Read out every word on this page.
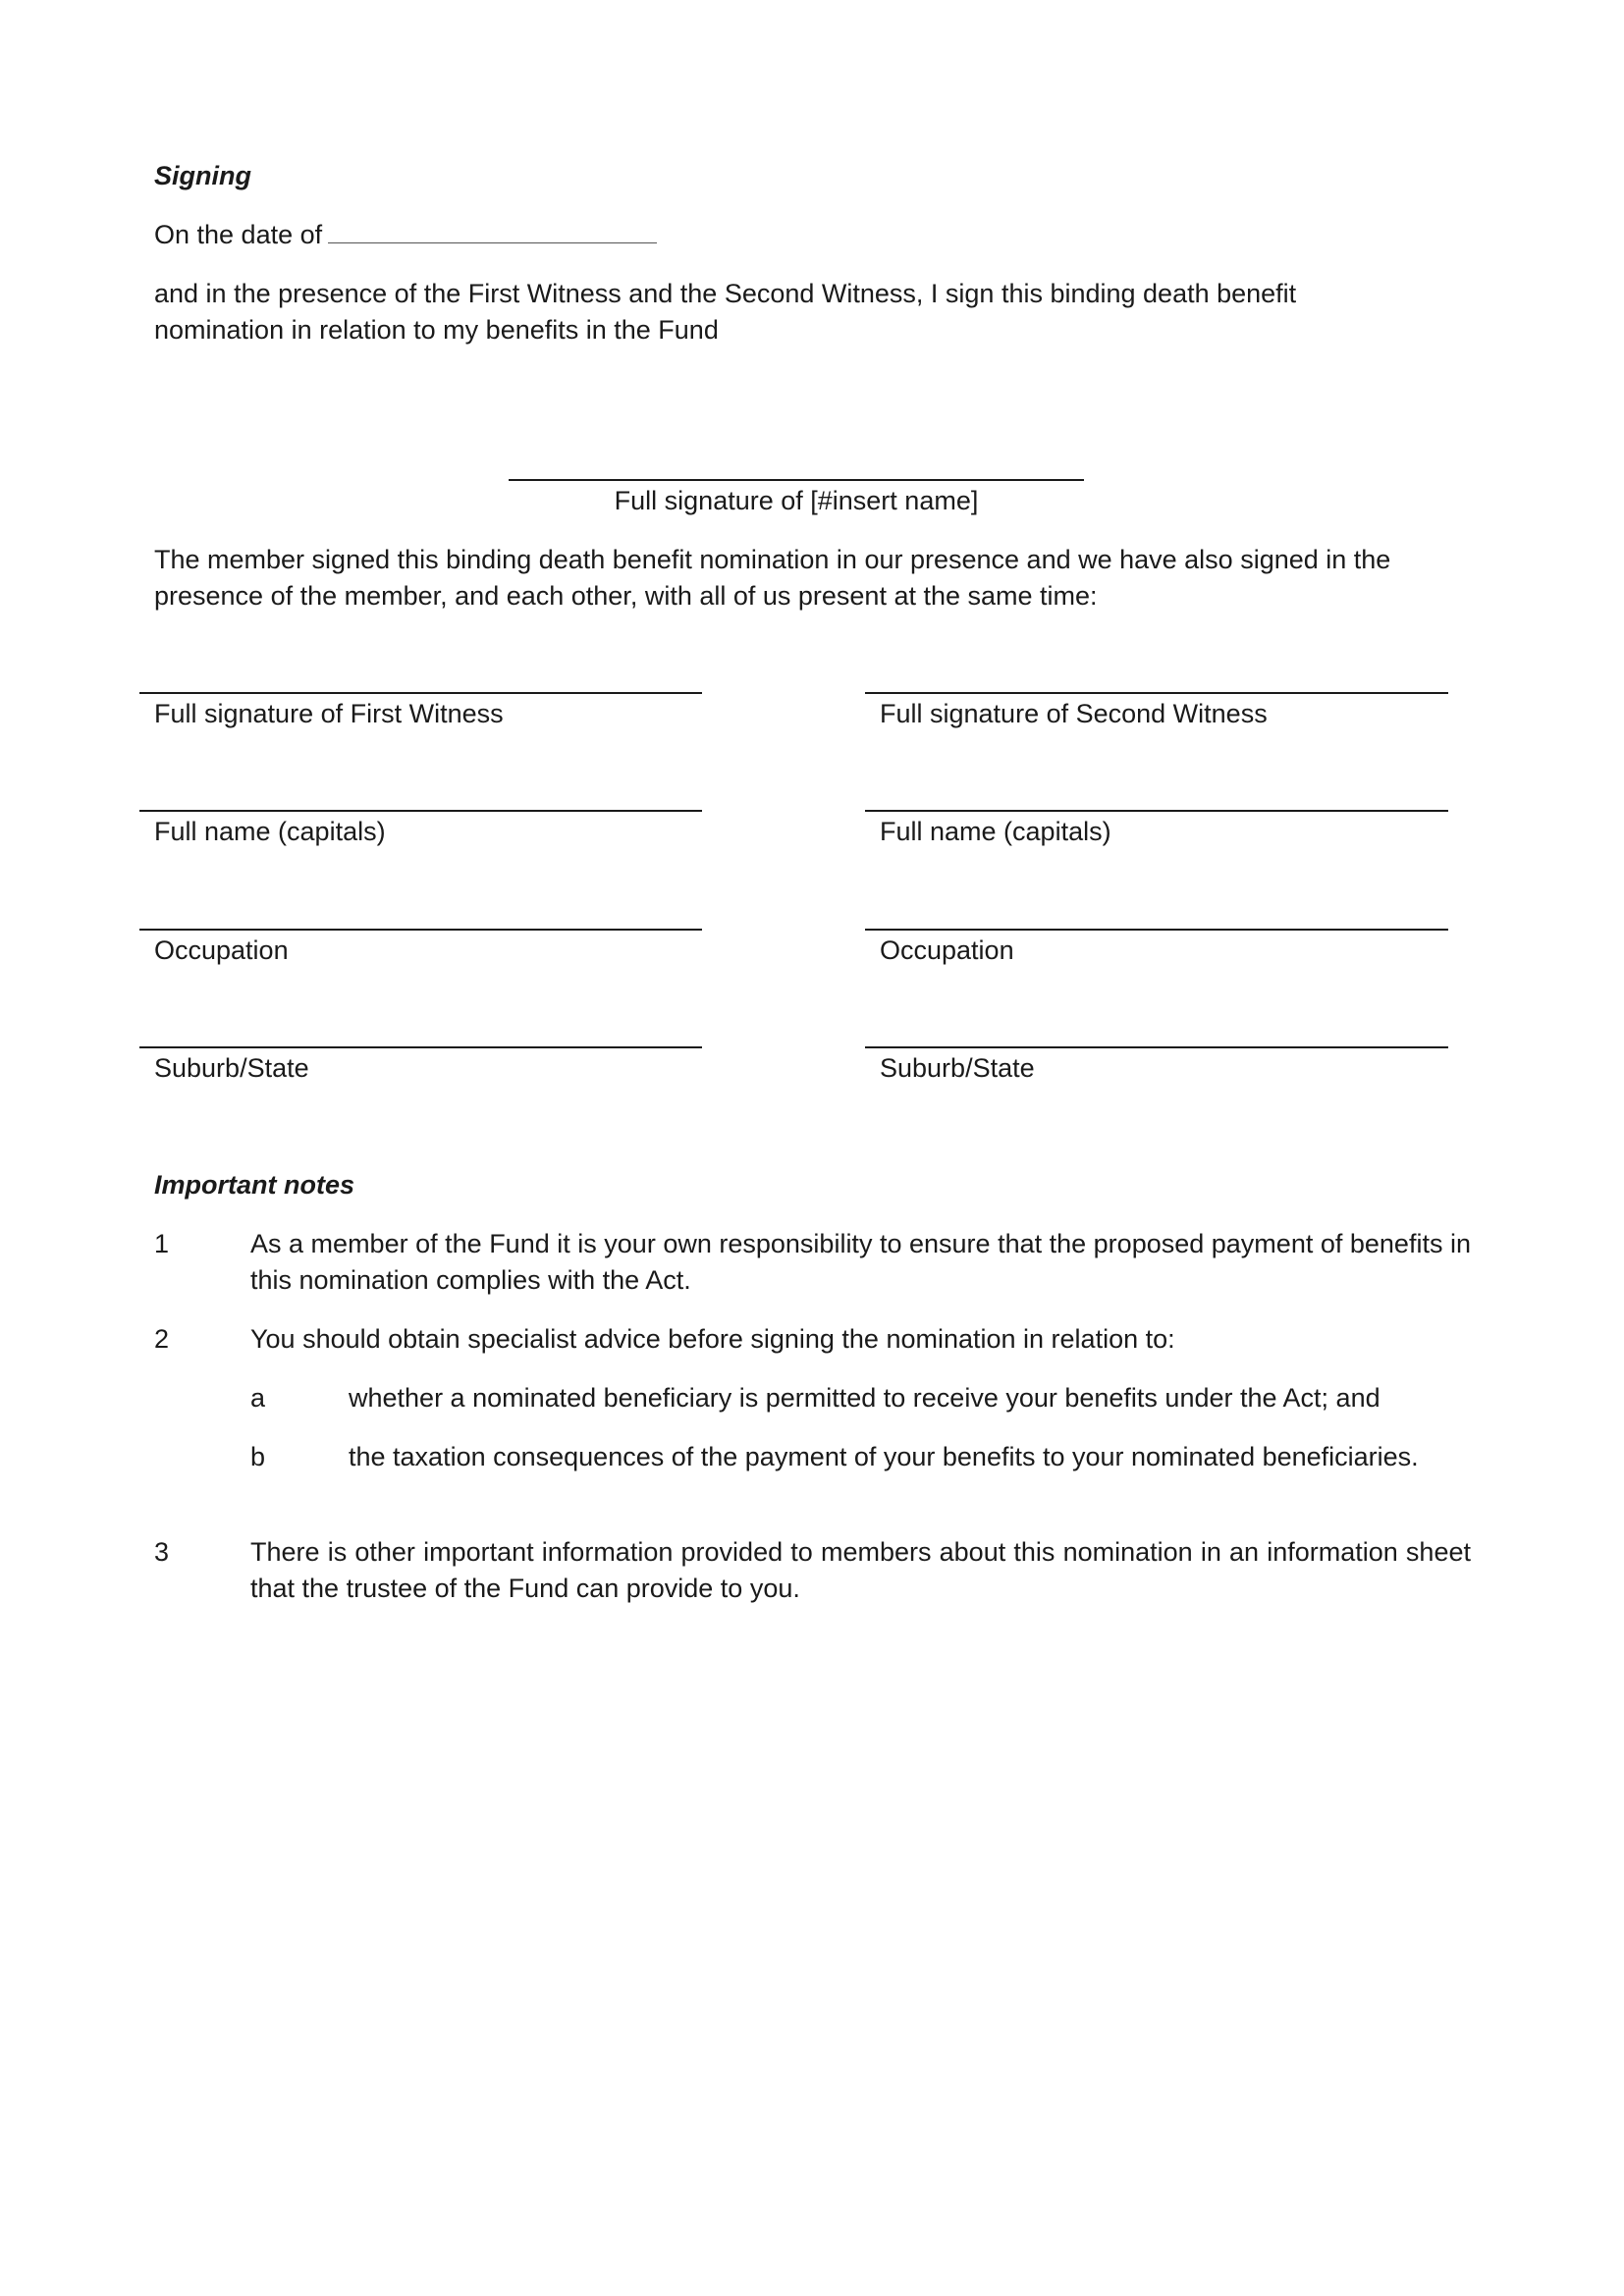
Signing
On the date of
and in the presence of the First Witness and the Second Witness, I sign this binding death benefit nomination in relation to my benefits in the Fund
Full signature of [#insert name]
The member signed this binding death benefit nomination in our presence and we have also signed in the presence of the member, and each other, with all of us present at the same time:
Full signature of First Witness
Full name (capitals)
Occupation
Suburb/State
Full signature of Second Witness
Full name (capitals)
Occupation
Suburb/State
Important notes
1	As a member of the Fund it is your own responsibility to ensure that the proposed payment of benefits in this nomination complies with the Act.
2	You should obtain specialist advice before signing the nomination in relation to:
a	whether a nominated beneficiary is permitted to receive your benefits under the Act; and
b	the taxation consequences of the payment of your benefits to your nominated beneficiaries.
3	There is other important information provided to members about this nomination in an information sheet that the trustee of the Fund can provide to you.
